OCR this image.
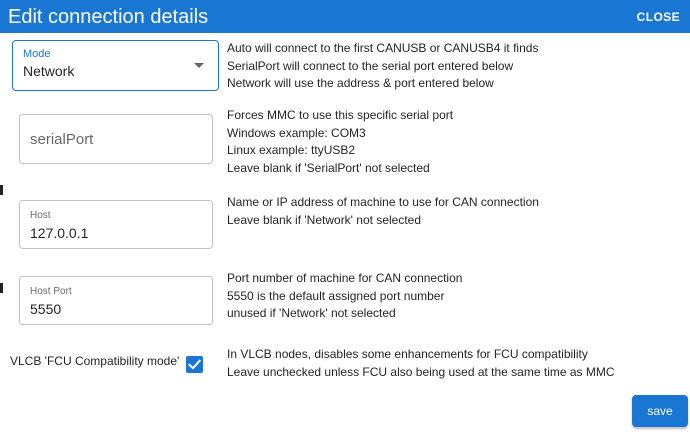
Edit connection details	CLOSE
Mode
Network
Auto will connect to the first CANUSB or CANUSB4 it finds
SerialPort will connect to the serial port entered below
Network will use the address & port entered below
serialPort
Forces MMC to use this specific serial port
Windows example: COM3
Linux example: ttyUSB2
Leave blank if 'SerialPort' not selected
Host
127.0.0.1
Name or IP address of machine to use for CAN connection
Leave blank if 'Network' not selected
Host Port
5550
Port number of machine for CAN connection
5550 is the default assigned port number
unused if 'Network' not selected
VLCB 'FCU Compatibility mode'	In VLCB nodes, disables some enhancements for FCU compatibility
Leave unchecked unless FCU also being used at the same time as MMC
save
